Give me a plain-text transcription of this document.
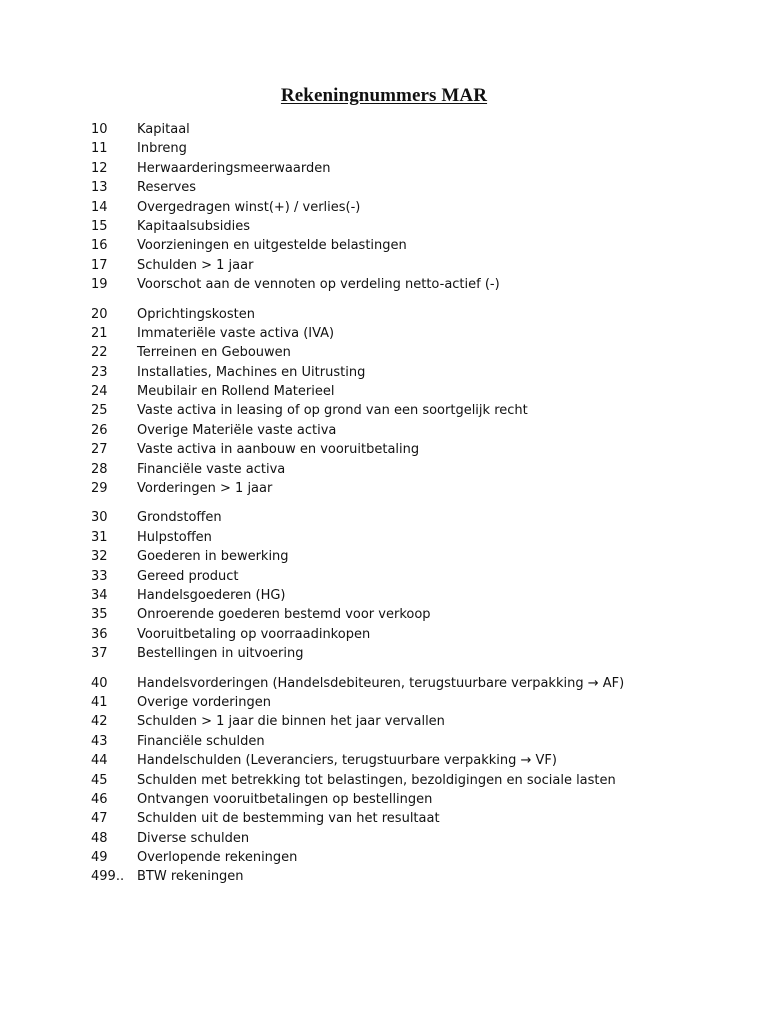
Rekeningnummers MAR
10	Kapitaal
11	Inbreng
12	Herwaarderingsmeerwaarden
13	Reserves
14	Overgedragen winst(+) / verlies(-)
15	Kapitaalsubsidies
16	Voorzieningen en uitgestelde belastingen
17	Schulden > 1 jaar
19	Voorschot aan de vennoten op verdeling netto-actief (-)
20	Oprichtingskosten
21	Immateriële vaste activa (IVA)
22	Terreinen en Gebouwen
23	Installaties, Machines en Uitrusting
24	Meubilair en Rollend Materieel
25	Vaste activa in leasing of op grond van een soortgelijk recht
26	Overige Materiële vaste activa
27	Vaste activa in aanbouw en vooruitbetaling
28	Financiële vaste activa
29	Vorderingen > 1 jaar
30	Grondstoffen
31	Hulpstoffen
32	Goederen in bewerking
33	Gereed product
34	Handelsgoederen (HG)
35	Onroerende goederen bestemd voor verkoop
36	Vooruitbetaling op voorraadinkopen
37	Bestellingen in uitvoering
40	Handelsvorderingen (Handelsdebiteuren, terugstuurbare verpakking → AF)
41	Overige vorderingen
42	Schulden > 1 jaar die binnen het jaar vervallen
43	Financiële schulden
44	Handelschulden (Leveranciers, terugstuurbare verpakking → VF)
45	Schulden met betrekking tot belastingen, bezoldigingen en sociale lasten
46	Ontvangen vooruitbetalingen op bestellingen
47	Schulden uit de bestemming van het resultaat
48	Diverse schulden
49	Overlopende rekeningen
499.. BTW rekeningen
